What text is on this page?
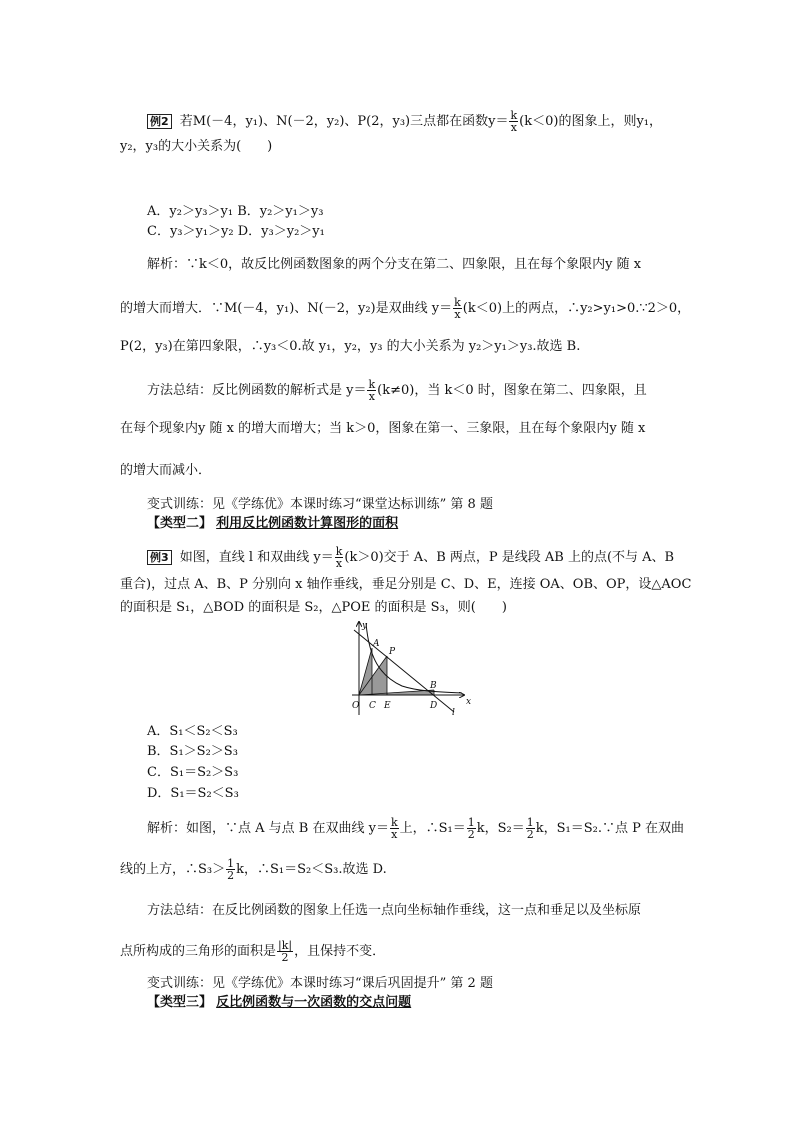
例2 若M(－4，y₁)、N(－2，y₂)、P(2，y₃)三点都在函数$y= \frac{k}{x} (k<0)$的图象上，则y₁，
y₂，y₃的大小关系为(　　)
A．y₂＞y₃＞y₁ B．y₂＞y₁＞y₃
C．y₃＞y₁＞y₂ D．y₃＞y₂＞y₁
解析：∵k＜0，故反比例函数图象的两个分支在第二、四象限，且在每个象限内y 随 x
的增大而增大．∵M(－4，y₁)、N(－2，y₂)是双曲线 $y= \frac{k}{x} (k<0)$上的两点，∴y₂>y₁>0.∵2＞0，
P(2，y₃)在第四象限，∴y₃＜0.故 y₁，y₂，y₃ 的大小关系为 y₂＞y₁＞y₃.故选 B.
方法总结：反比例函数的解析式是 $y= \frac{k}{x} (k\ne 0)$，当 k＜0 时，图象在第二、四象限，且
在每个现象内y 随 x 的增大而增大；当 k＞0，图象在第一、三象限，且在每个象限内y 随 x
的增大而减小．
变式训练：见《学练优》本课时练习“课堂达标训练” 第 8 题
【类型二】 利用反比例函数计算图形的面积
例3 如图，直线 l 和双曲线 $y= \frac{k}{x} (k>0)$交于 A、B 两点，P 是线段 AB 上的点(不与 A、B
重合)，过点 A、B、P 分别向 x 轴作垂线，垂足分别是 C、D、E，连接 OA、OB、OP，设△AOC
的面积是 S₁，△BOD 的面积是 S₂，△POE 的面积是 S₃，则(　　)
y
x
A
P
B
O C E	D
l
A．S₁＜S₂＜S₃
B．S₁＞S₂＞S₃
C．S₁＝S₂＞S₃
D．S₁＝S₂＜S₃
解析：如图，∵点 A 与点 B 在双曲线 $y= \frac{k}{x}$ 上，∴S₁＝ $\frac{1}{2}$ k，$S_2= \frac{1}{2}$ k，S₁＝S₂.∵点 P 在双曲
线的上方，∴S₃＞ $\frac{1}{2}$ k，∴S₁＝S₂＜S₃.故选 D.
方法总结：在反比例函数的图象上任选一点向坐标轴作垂线，这一点和垂足以及坐标原
点所构成的三角形的面积是 $\frac{|k|}{2}$ ，且保持不变．
变式训练：见《学练优》本课时练习“课后巩固提升” 第 2 题
【类型三】 反比例函数与一次函数的交点问题
